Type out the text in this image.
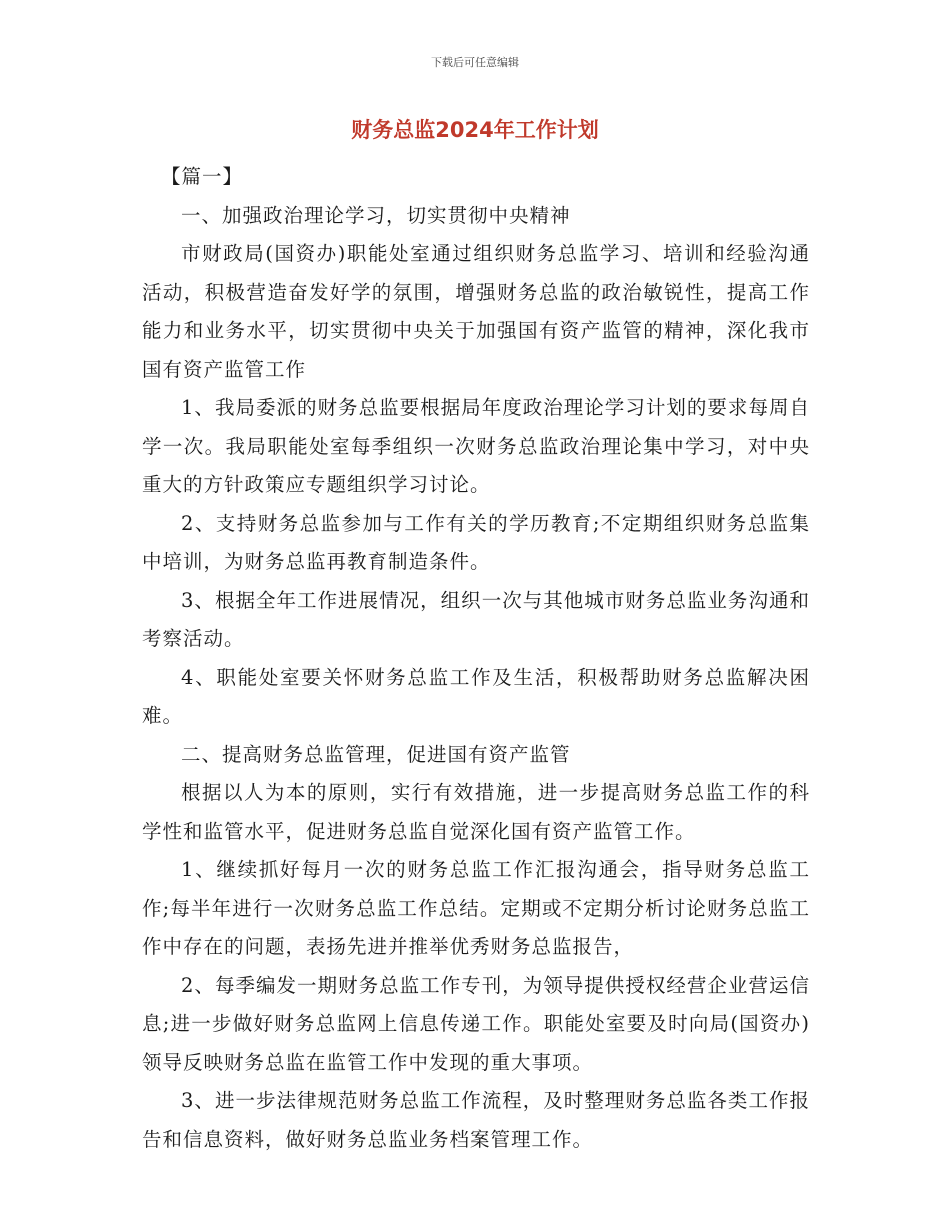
下载后可任意编辑
财务总监2024年工作计划

【篇一】

一、加强政治理论学习，切实贯彻中央精神

市财政局(国资办)职能处室通过组织财务总监学习、培训和经验沟通活动，积极营造奋发好学的氛围，增强财务总监的政治敏锐性，提高工作能力和业务水平，切实贯彻中央关于加强国有资产监管的精神，深化我市国有资产监管工作

1、我局委派的财务总监要根据局年度政治理论学习计划的要求每周自学一次。我局职能处室每季组织一次财务总监政治理论集中学习，对中央重大的方针政策应专题组织学习讨论。

2、支持财务总监参加与工作有关的学历教育;不定期组织财务总监集中培训，为财务总监再教育制造条件。

3、根据全年工作进展情况，组织一次与其他城市财务总监业务沟通和考察活动。

4、职能处室要关怀财务总监工作及生活，积极帮助财务总监解决困难。

二、提高财务总监管理，促进国有资产监管

根据以人为本的原则，实行有效措施，进一步提高财务总监工作的科学性和监管水平，促进财务总监自觉深化国有资产监管工作。

1、继续抓好每月一次的财务总监工作汇报沟通会，指导财务总监工作;每半年进行一次财务总监工作总结。定期或不定期分析讨论财务总监工作中存在的问题，表扬先进并推举优秀财务总监报告，

2、每季编发一期财务总监工作专刊，为领导提供授权经营企业营运信息;进一步做好财务总监网上信息传递工作。职能处室要及时向局(国资办)领导反映财务总监在监管工作中发现的重大事项。

3、进一步法律规范财务总监工作流程，及时整理财务总监各类工作报告和信息资料，做好财务总监业务档案管理工作。
